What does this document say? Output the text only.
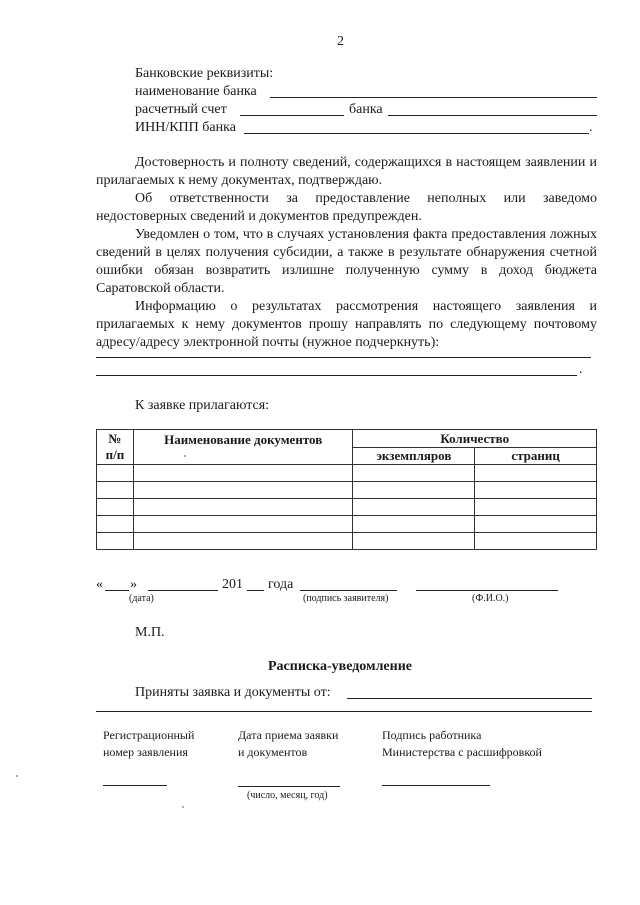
2
Банковские реквизиты:
наименование банка
расчетный счет	банка
ИНН/КПП банка	.
Достоверность и полноту сведений, содержащихся в настоящем заявлении и прилагаемых к нему документах, подтверждаю.
Об ответственности за предоставление неполных или заведомо недостоверных сведений и документов предупрежден.
Уведомлен о том, что в случаях установления факта предоставления ложных сведений в целях получения субсидии, а также в результате обнаружения счетной ошибки обязан возвратить излишне полученную сумму в доход бюджета Саратовской области.
Информацию о результатах рассмотрения настоящего заявления и прилагаемых к нему документов прошу направлять по следующему почтовому адресу/адресу электронной почты (нужное подчеркнуть):
.
К заявке прилагаются:
№
п/п	Наименование документов	Количество	
		экземпляров	страниц

« »	201 года
(дата)	(подпись заявителя)	(Ф.И.О.)
М.П.
Расписка-уведомление
Приняты заявка и документы от:
Регистрационный
номер заявления
Дата приема заявки
и документов
Подпись работника
Министерства с расшифровкой
(число, месяц, год)
